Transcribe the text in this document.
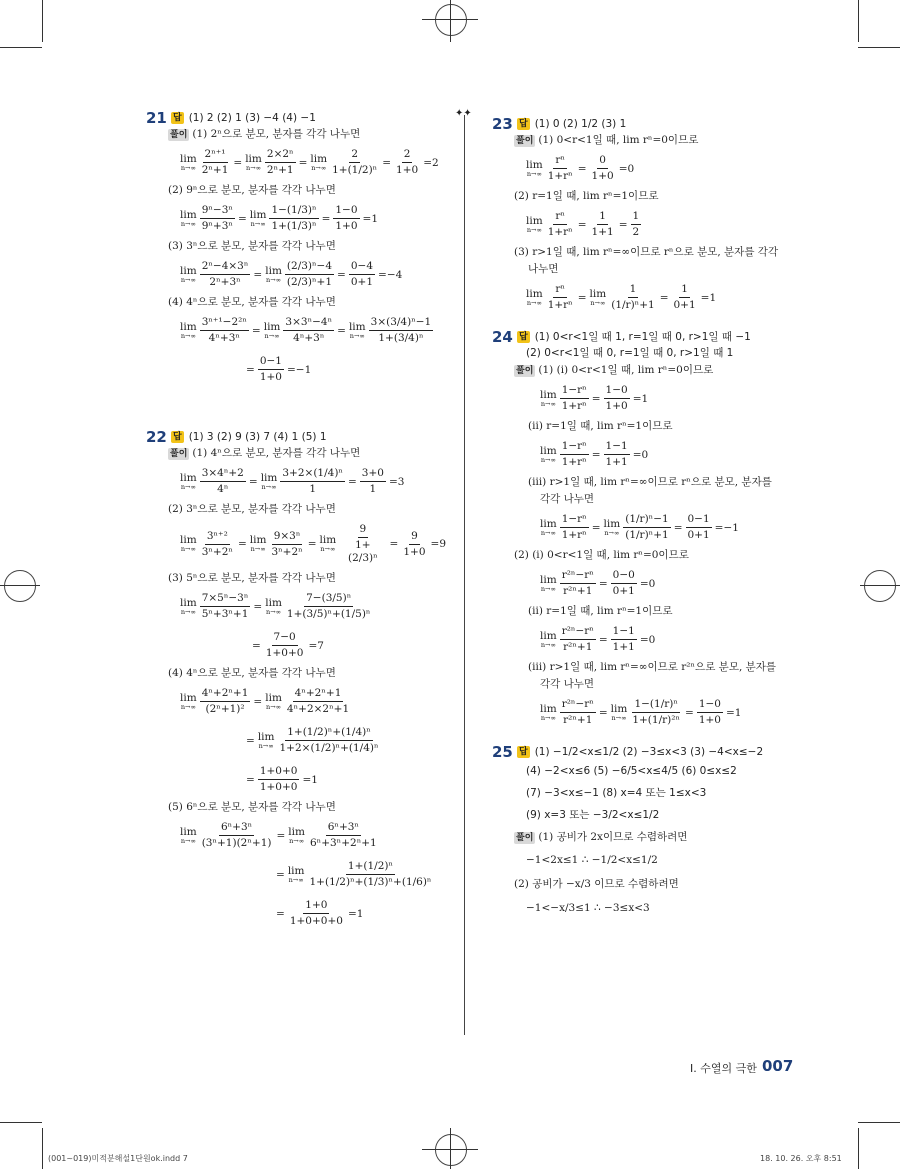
✦✦
21 답 (1) 2 (2) 1 (3) −4 (4) −1
풀이 (1) 2ⁿ으로 분모, 분자를 각각 나누면
lim
$n\to\infty \frac{\text{2ⁿ⁺¹}}{\text{2ⁿ+1}} = \lim$
$n\to\infty \frac{\text{2×2ⁿ}}{\text{2ⁿ+1}} = \lim$
$n\to\infty \frac{2}{\text{1+(1/2)ⁿ}} = \frac{2}{1+0} =2$
(2) 9ⁿ으로 분모, 분자를 각각 나누면
lim
$n\to\infty \frac{\text{9ⁿ−3ⁿ}}{\text{9ⁿ+3ⁿ}} = \lim$
$n\to\infty \frac{\text{1−(1/3)ⁿ}}{\text{1+(1/3)ⁿ}} = \frac{1-0}{1+0} =1$
(3) 3ⁿ으로 분모, 분자를 각각 나누면
lim
$n\to\infty \frac{\text{2ⁿ−4×3ⁿ}}{\text{2ⁿ+3ⁿ}} = \lim$
$n\to\infty \frac{\text{(2/3)ⁿ−4}}{\text{(2/3)ⁿ+1}} = \frac{0-4}{0+1} =-4$
(4) 4ⁿ으로 분모, 분자를 각각 나누면
lim
$n\to\infty \frac{\text{3ⁿ⁺¹−2²ⁿ}}{\text{4ⁿ+3ⁿ}} = \lim$
$n\to\infty \frac{\text{3×3ⁿ−4ⁿ}}{\text{4ⁿ+3ⁿ}} = \lim$
$n\to\infty \frac{\text{3×(3/4)ⁿ−1}}{\text{1+(3/4)ⁿ}}$
= $\frac{0-1}{1+0} =-1$
22 답 (1) 3 (2) 9 (3) 7 (4) 1 (5) 1
풀이 (1) 4ⁿ으로 분모, 분자를 각각 나누면
lim
$n\to\infty \frac{\text{3×4ⁿ+2}}{\text{4ⁿ}} = \lim$
$n\to\infty \frac{\text{3+2×(1/4)ⁿ}}{1} = \frac{3+0}{1} =3$
(2) 3ⁿ으로 분모, 분자를 각각 나누면
lim
$n\to\infty \frac{\text{3ⁿ⁺²}}{\text{3ⁿ+2ⁿ}} = \lim$
$n\to\infty \frac{\text{9×3ⁿ}}{\text{3ⁿ+2ⁿ}} = \lim$
$n\to\infty \frac{9}{\text{1+(2/3)ⁿ}} = \frac{9}{1+0} =9$
(3) 5ⁿ으로 분모, 분자를 각각 나누면
lim
$n\to\infty \frac{\text{7×5ⁿ−3ⁿ}}{\text{5ⁿ+3ⁿ+1}} = \lim$
$n\to\infty \frac{\text{7−(3/5)ⁿ}}{\text{1+(3/5)ⁿ+(1/5)ⁿ}}$
= $\frac{7-0}{1+0+0} =7$
(4) 4ⁿ으로 분모, 분자를 각각 나누면
lim
$n\to\infty \frac{\text{4ⁿ+2ⁿ+1}}{\text{(2ⁿ+1)²}} = \lim$
$n\to\infty \frac{\text{4ⁿ+2ⁿ+1}}{\text{4ⁿ+2×2ⁿ+1}}$
= lim
$n\to\infty \frac{\text{1+(1/2)ⁿ+(1/4)ⁿ}}{\text{1+2×(1/2)ⁿ+(1/4)ⁿ}}$
= $\frac{1+0+0}{1+0+0} =1$
(5) 6ⁿ으로 분모, 분자를 각각 나누면
lim
$n\to\infty \frac{\text{6ⁿ+3ⁿ}}{\text{(3ⁿ+1)(2ⁿ+1)}} = \lim$
$n\to\infty \frac{\text{6ⁿ+3ⁿ}}{\text{6ⁿ+3ⁿ+2ⁿ+1}}$
= lim
$n\to\infty \frac{\text{1+(1/2)ⁿ}}{\text{1+(1/2)ⁿ+(1/3)ⁿ+(1/6)ⁿ}}$
= $\frac{1+0}{1+0+0+0} =1$
23 답 (1) 0 (2) 1/2 (3) 1
풀이 (1) 0<r<1일 때, lim rⁿ=0이므로
lim
$n\to\infty \frac{\text{rⁿ}}{\text{1+rⁿ}} = \frac{0}{1+0} =0$
(2) r=1일 때, lim rⁿ=1이므로
lim
$n\to\infty \frac{\text{rⁿ}}{\text{1+rⁿ}} = \frac{1}{1+1} = \frac{1}{2}$
(3) r>1일 때, lim rⁿ=∞이므로 rⁿ으로 분모, 분자를 각각
나누면
lim
$n\to\infty \frac{\text{rⁿ}}{\text{1+rⁿ}} = \lim$
$n\to\infty \frac{1}{\text{(1/r)ⁿ+1}} = \frac{1}{0+1} =1$
24 답 (1) 0<r<1일 때 1, r=1일 때 0, r>1일 때 −1
(2) 0<r<1일 때 0, r=1일 때 0, r>1일 때 1
풀이 (1) (ⅰ) 0<r<1일 때, lim rⁿ=0이므로
lim
$n\to\infty \frac{\text{1−rⁿ}}{\text{1+rⁿ}} = \frac{1-0}{1+0} =1$
(ⅱ) r=1일 때, lim rⁿ=1이므로
lim
$n\to\infty \frac{\text{1−rⁿ}}{\text{1+rⁿ}} = \frac{1-1}{1+1} =0$
(ⅲ) r>1일 때, lim rⁿ=∞이므로 rⁿ으로 분모, 분자를
각각 나누면
lim
$n\to\infty \frac{\text{1−rⁿ}}{\text{1+rⁿ}} = \lim$
$n\to\infty \frac{\text{(1/r)ⁿ−1}}{\text{(1/r)ⁿ+1}} = \frac{0-1}{0+1} =-1$
(2) (ⅰ) 0<r<1일 때, lim rⁿ=0이므로
lim
$n\to\infty \frac{\text{r²ⁿ−rⁿ}}{\text{r²ⁿ+1}} = \frac{0-0}{0+1} =0$
(ⅱ) r=1일 때, lim rⁿ=1이므로
lim
$n\to\infty \frac{\text{r²ⁿ−rⁿ}}{\text{r²ⁿ+1}} = \frac{1-1}{1+1} =0$
(ⅲ) r>1일 때, lim rⁿ=∞이므로 r²ⁿ으로 분모, 분자를
각각 나누면
lim
$n\to\infty \frac{\text{r²ⁿ−rⁿ}}{\text{r²ⁿ+1}} = \lim$
$n\to\infty \frac{\text{1−(1/r)ⁿ}}{\text{1+(1/r)²ⁿ}} = \frac{1-0}{1+0} =1$
25 답 (1) −1/2<x≤1/2 (2) −3≤x<3 (3) −4<x≤−2
(4) −2<x≤6 (5) −6/5<x≤4/5 (6) 0≤x≤2
(7) −3<x≤−1 (8) x=4 또는 1≤x<3
(9) x=3 또는 −3/2<x≤1/2
풀이 (1) 공비가 2x이므로 수렴하려면
−1<2x≤1 ∴ −1/2<x≤1/2
(2) 공비가 −x/3 이므로 수렴하려면
−1<−x/3≤1 ∴ −3≤x<3
Ⅰ. 수열의 극한 007
(001~019)미적분해설1단원ok.indd 7	18. 10. 26. 오후 8:51
